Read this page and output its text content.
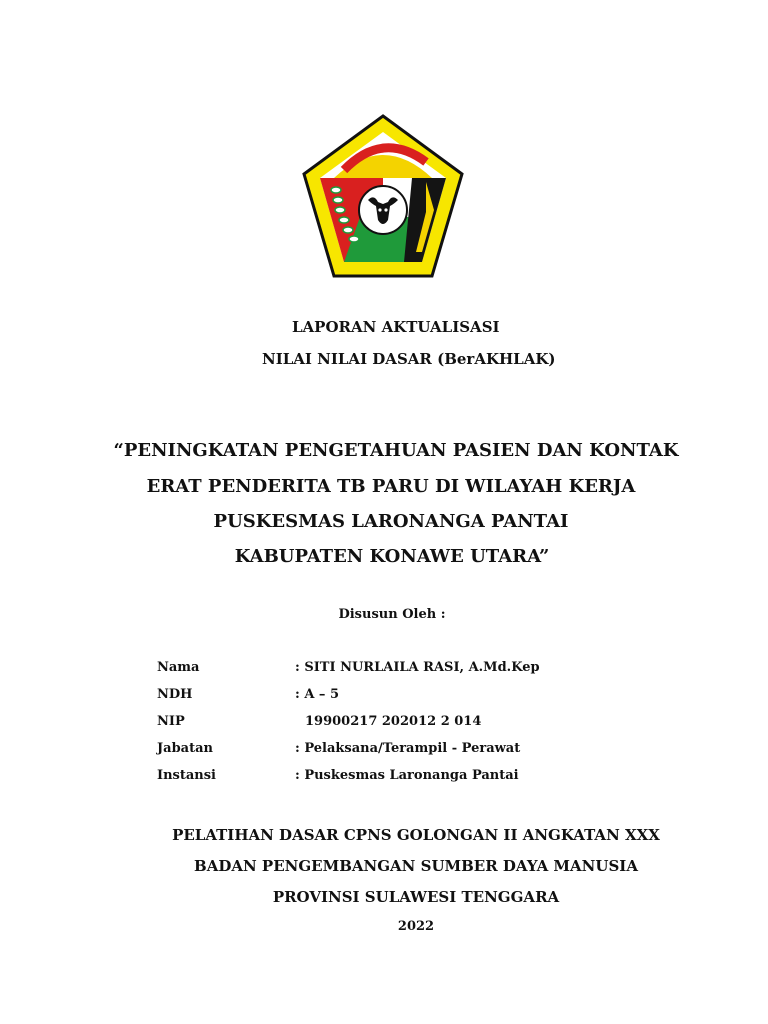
LAPORAN AKTUALISASI
NILAI NILAI DASAR (BerAKHLAK)
“PENINGKATAN PENGETAHUAN PASIEN DAN KONTAK
ERAT PENDERITA TB PARU DI WILAYAH KERJA
PUSKESMAS LARONANGA PANTAI
KABUPATEN KONAWE UTARA”
Disusun Oleh :
Nama	: SITI NURLAILA RASI, A.Md.Kep
NDH	: A – 5
NIP	19900217 202012 2 014
Jabatan	: Pelaksana/Terampil - Perawat
Instansi	: Puskesmas Laronanga Pantai
PELATIHAN DASAR CPNS GOLONGAN II ANGKATAN XXX
BADAN PENGEMBANGAN SUMBER DAYA MANUSIA
PROVINSI SULAWESI TENGGARA
2022
